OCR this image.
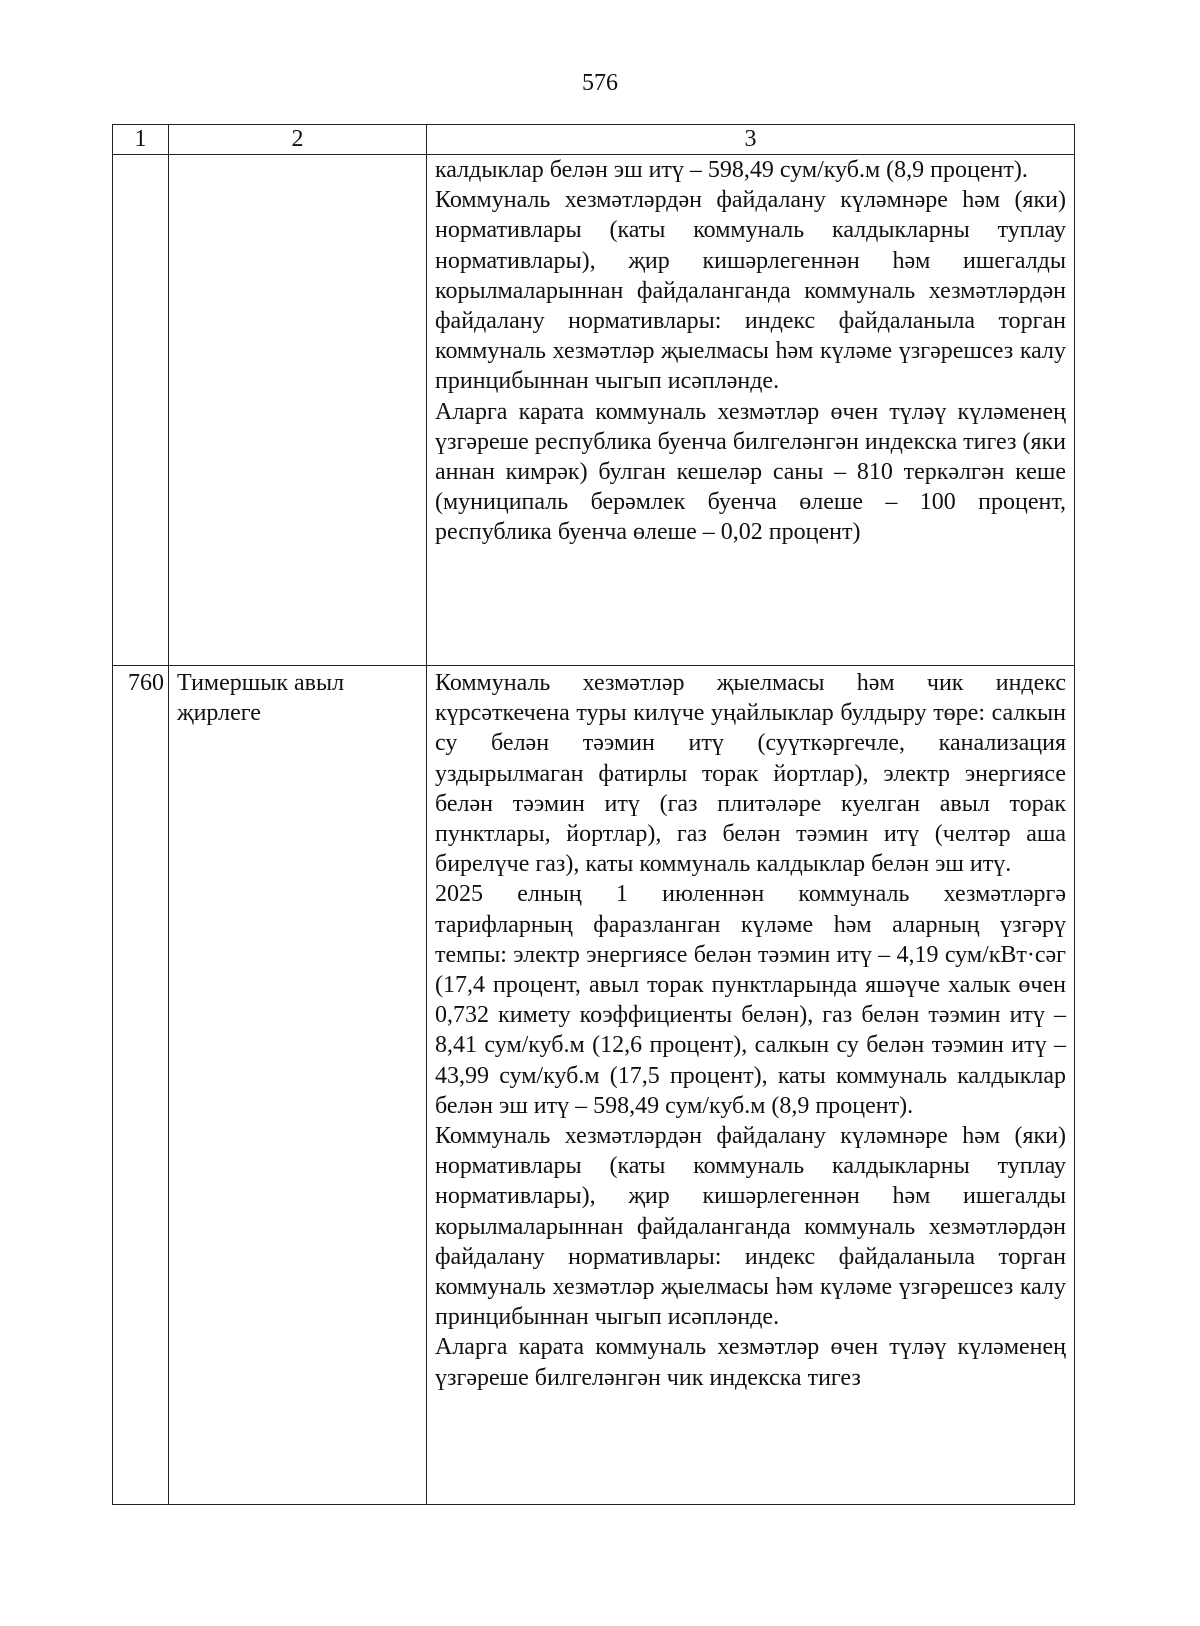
576
1	2	3

		калдыклар белән эш итү – 598,49 сум/куб.м (8,9 процент).

Коммуналь хезмәтләрдән файдалану күләмнәре һәм (яки) нормативлары (каты коммуналь калдыкларны туплау нормативлары), җир кишәрлегеннән һәм ишегалды корылмаларыннан файдаланганда коммуналь хезмәтләрдән файдалану нормативлары: индекс файдаланыла торган коммуналь хезмәтләр җыелмасы һәм күләме үзгәрешсез калу принцибыннан чыгып исәпләнде.

Аларга карата коммуналь хезмәтләр өчен түләү күләменең үзгәреше республика буенча билгеләнгән индекска тигез (яки аннан кимрәк) булган кешеләр саны – 810 теркәлгән кеше (муниципаль берәмлек буенча өлеше – 100 процент, республика буенча өлеше – 0,02 процент)

760	Тимершык авыл җирлеге	Коммуналь хезмәтләр җыелмасы һәм чик индекс күрсәткечена туры килүче уңайлыклар булдыру төре: салкын су белән тәэмин итү (суүткәргечле, канализация уздырылмаган фатирлы торак йортлар), электр энергиясе белән тәэмин итү (газ плитәләре куелган авыл торак пунктлары, йортлар), газ белән тәэмин итү (челтәр аша бирелүче газ), каты коммуналь калдыклар белән эш итү.

2025 елның 1 июленнән коммуналь хезмәтләргә тарифларның фаразланган күләме һәм аларның үзгәрү темпы: электр энергиясе белән тәэмин итү – 4,19 сум/кВт·сәг (17,4 процент, авыл торак пунктларында яшәүче халык өчен 0,732 кимету коэффициенты белән), газ белән тәэмин итү – 8,41 сум/куб.м (12,6 процент), салкын су белән тәэмин итү – 43,99 сум/куб.м (17,5 процент), каты коммуналь калдыклар белән эш итү – 598,49 сум/куб.м (8,9 процент).

Коммуналь хезмәтләрдән файдалану күләмнәре һәм (яки) нормативлары (каты коммуналь калдыкларны туплау нормативлары), җир кишәрлегеннән һәм ишегалды корылмаларыннан файдаланганда коммуналь хезмәтләрдән файдалану нормативлары: индекс файдаланыла торган коммуналь хезмәтләр җыелмасы һәм күләме үзгәрешсез калу принцибыннан чыгып исәпләнде.

Аларга карата коммуналь хезмәтләр өчен түләү күләменең үзгәреше билгеләнгән чик индекска тигез
